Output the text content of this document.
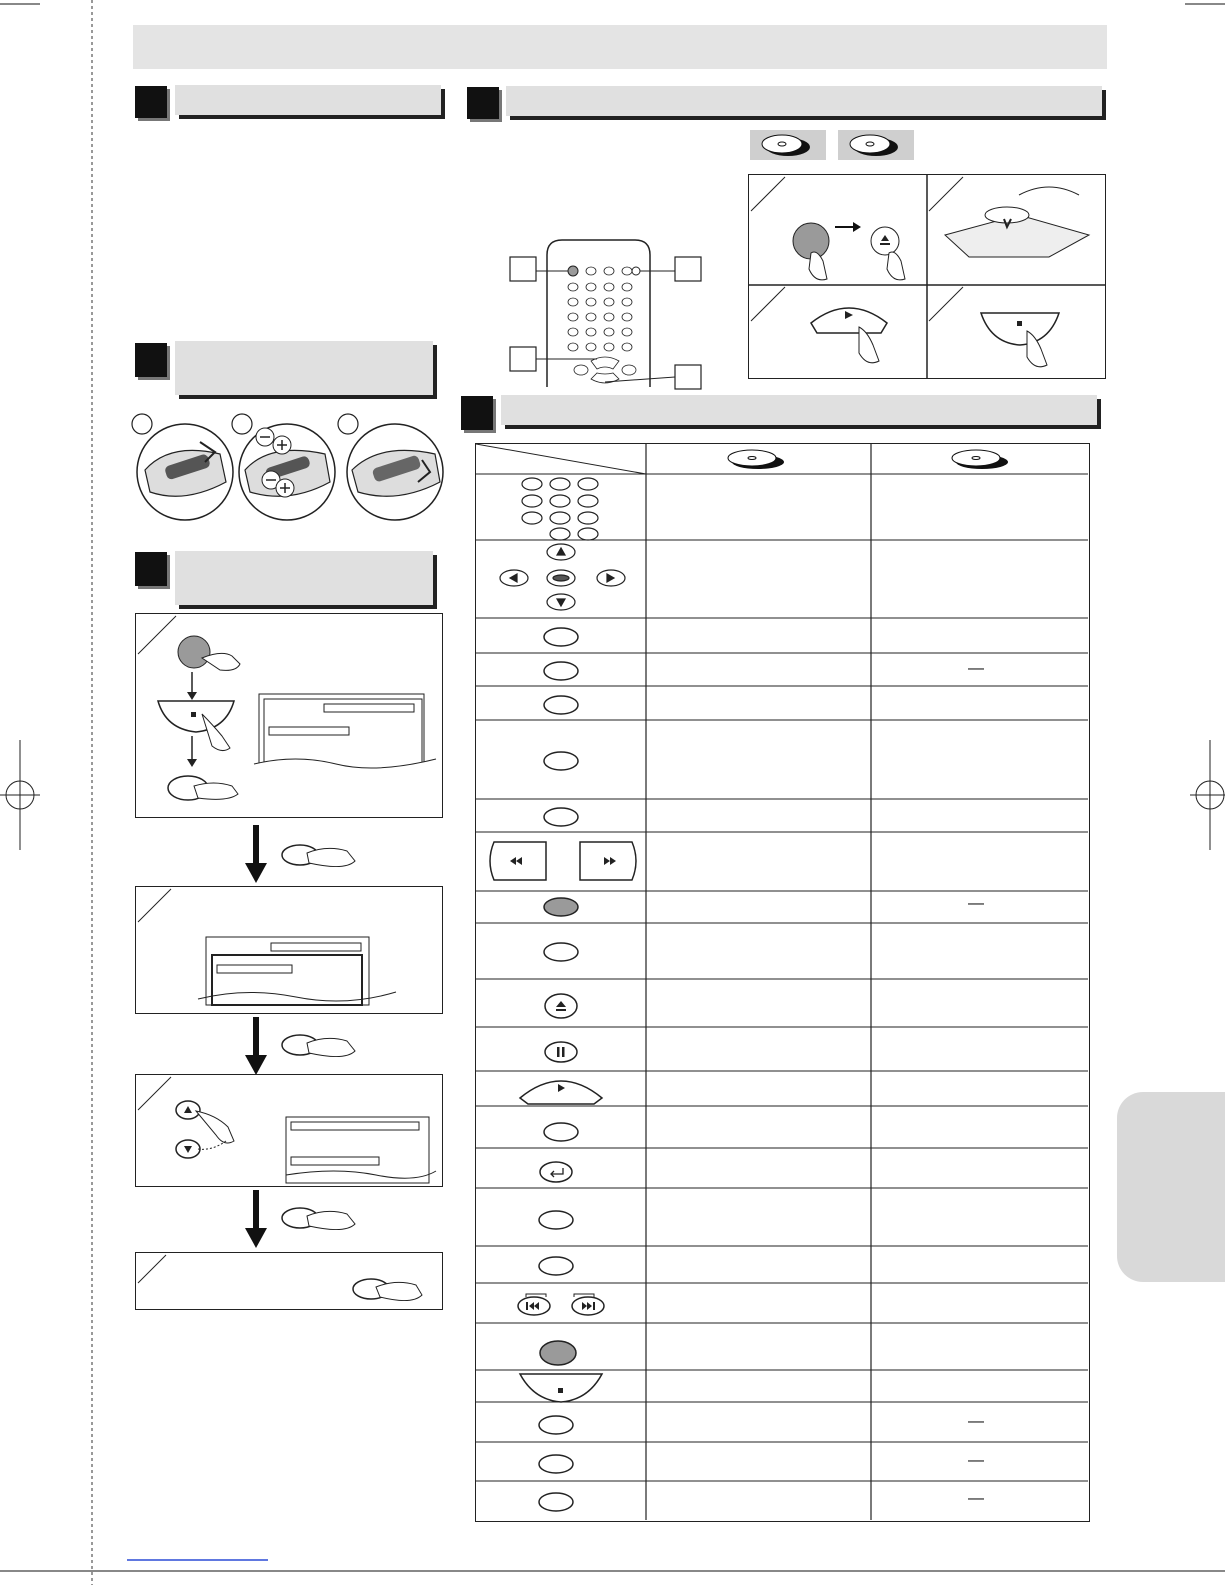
—
—
—
—
—
